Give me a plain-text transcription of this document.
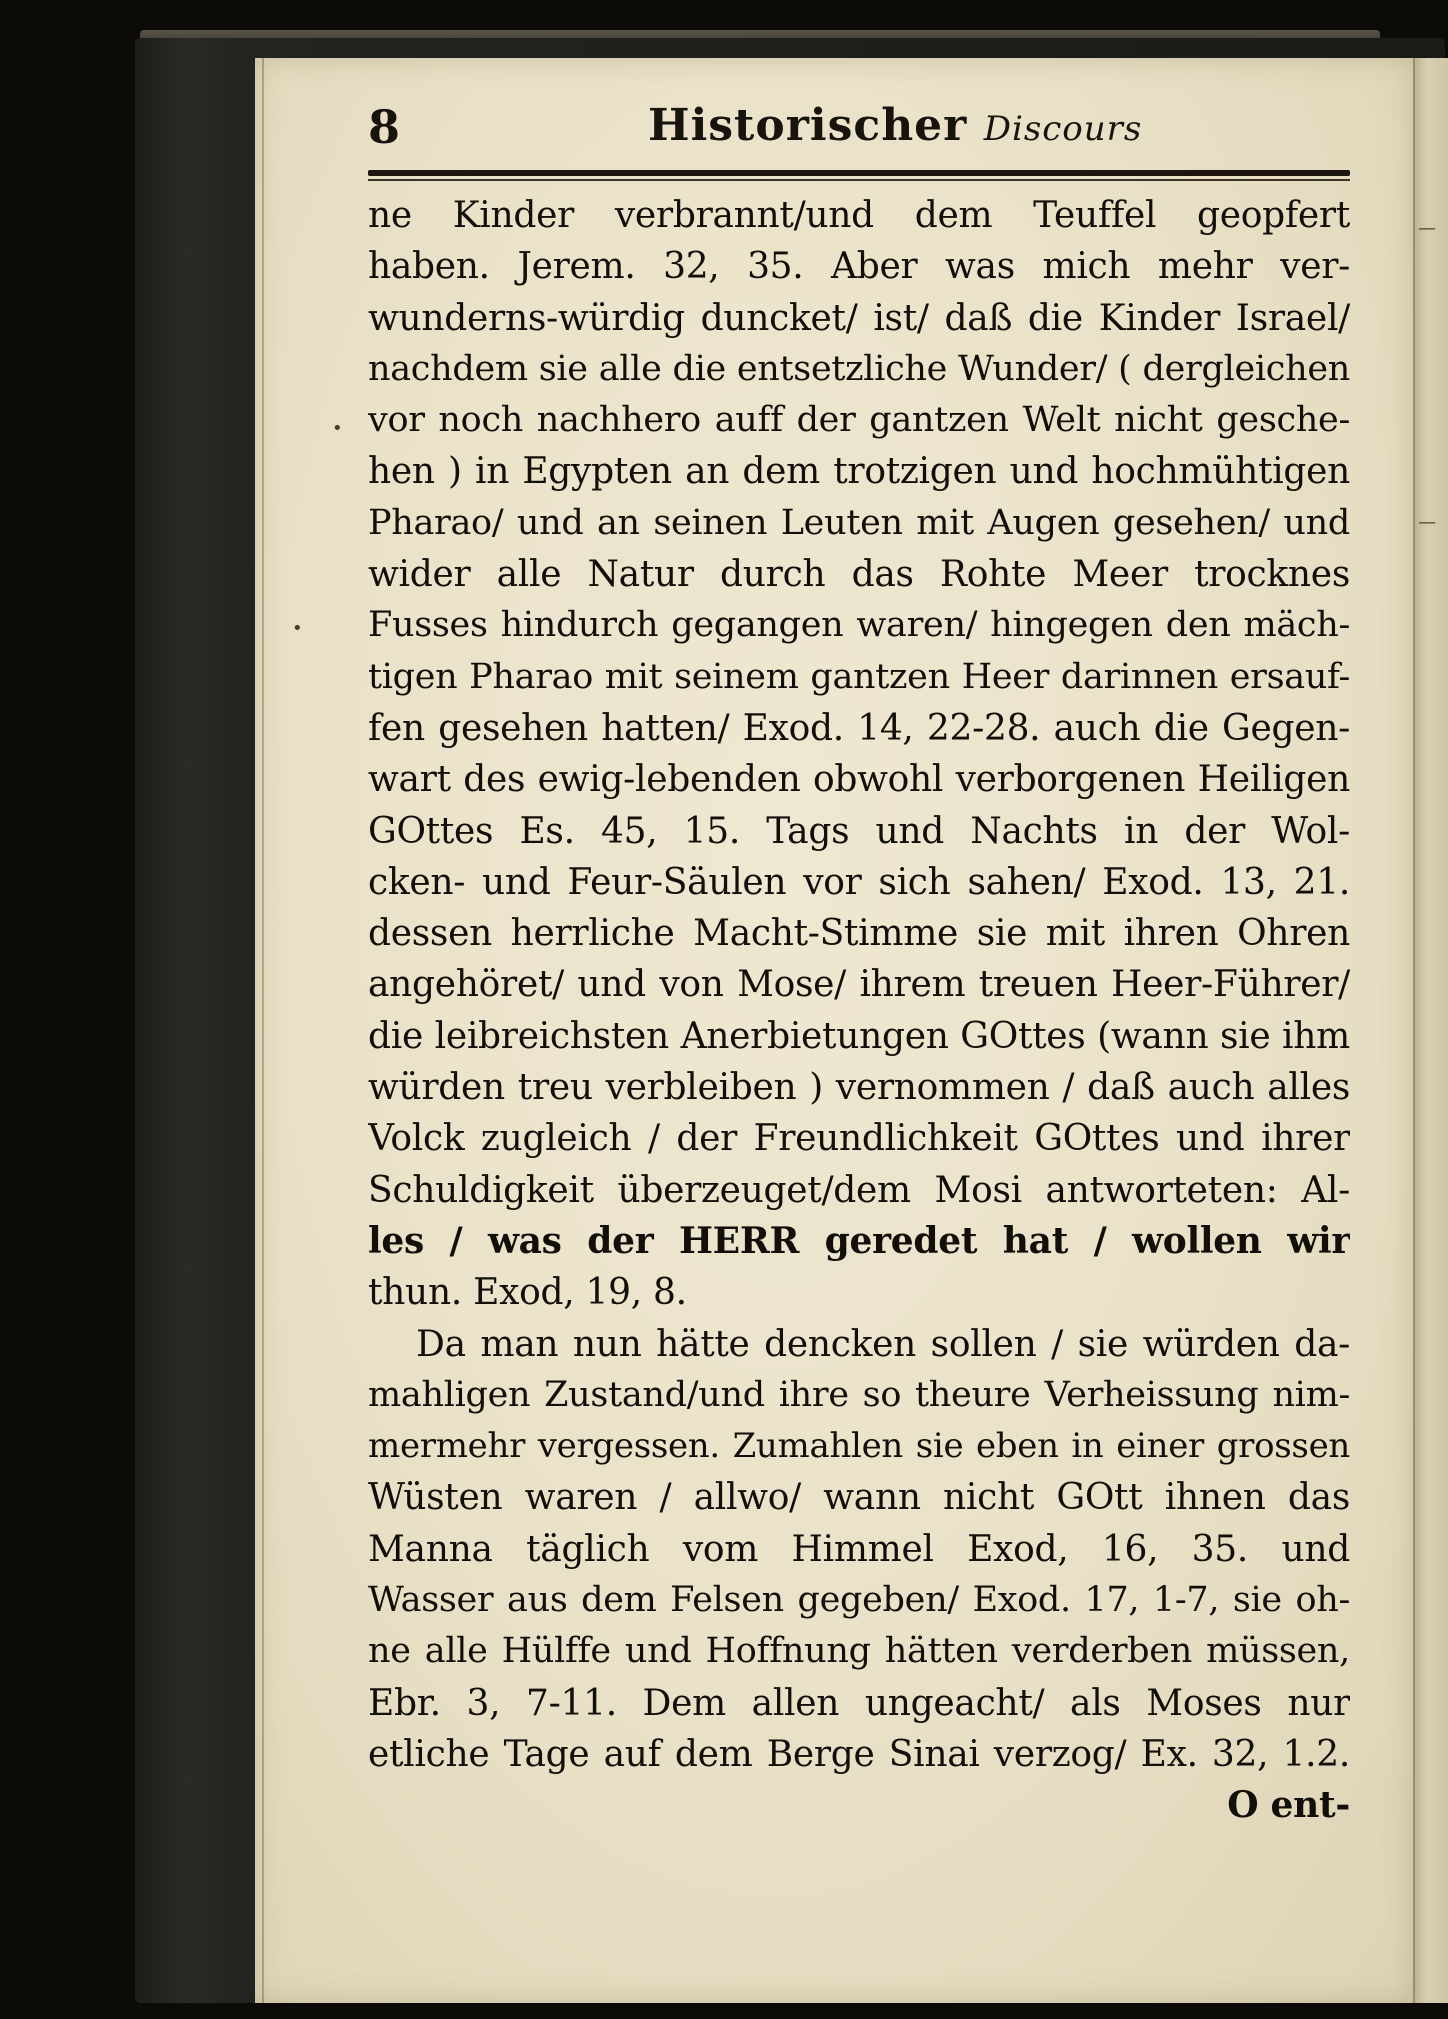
8	Historischer Discours
ne Kinder verbrannt/und dem Teuffel geopfert
haben. Jerem. 32, 35. Aber was mich mehr ver-
wunderns-würdig duncket/ ist/ daß die Kinder Israel/
nachdem sie alle die entsetzliche Wunder/ ( dergleichen
vor noch nachhero auff der gantzen Welt nicht gesche-
hen ) in Egypten an dem trotzigen und hochmühtigen
Pharao/ und an seinen Leuten mit Augen gesehen/ und
wider alle Natur durch das Rohte Meer trocknes
Fusses hindurch gegangen waren/ hingegen den mäch-
tigen Pharao mit seinem gantzen Heer darinnen ersauf-
fen gesehen hatten/ Exod. 14, 22-28. auch die Gegen-
wart des ewig-lebenden obwohl verborgenen Heiligen
GOttes Es. 45, 15. Tags und Nachts in der Wol-
cken- und Feur-Säulen vor sich sahen/ Exod. 13, 21.
dessen herrliche Macht-Stimme sie mit ihren Ohren
angehöret/ und von Mose/ ihrem treuen Heer-Führer/
die leibreichsten Anerbietungen GOttes (wann sie ihm
würden treu verbleiben ) vernommen / daß auch alles
Volck zugleich / der Freundlichkeit GOttes und ihrer
Schuldigkeit überzeuget/dem Mosi antworteten: Al-
les / was der HERR geredet hat / wollen wir
thun. Exod, 19, 8.
Da man nun hätte dencken sollen / sie würden da-
mahligen Zustand/und ihre so theure Verheissung nim-
mermehr vergessen. Zumahlen sie eben in einer grossen
Wüsten waren / allwo/ wann nicht GOtt ihnen das
Manna täglich vom Himmel Exod, 16, 35. und
Wasser aus dem Felsen gegeben/ Exod. 17, 1-7, sie oh-
ne alle Hülffe und Hoffnung hätten verderben müssen,
Ebr. 3, 7-11. Dem allen ungeacht/ als Moses nur
etliche Tage auf dem Berge Sinai verzog/ Ex. 32, 1.2.
O ent-
•
•
—
—
